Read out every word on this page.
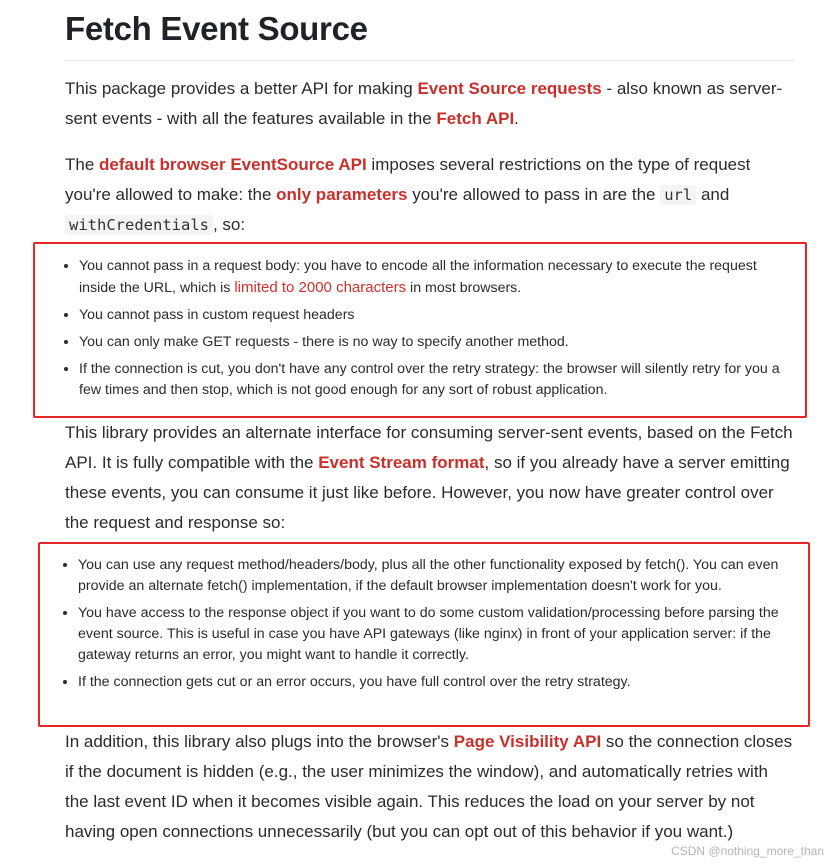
Fetch Event Source
This package provides a better API for making Event Source requests - also known as server-sent events - with all the features available in the Fetch API.
The default browser EventSource API imposes several restrictions on the type of request you're allowed to make: the only parameters you're allowed to pass in are the url and withCredentials , so:
This library provides an alternate interface for consuming server-sent events, based on the Fetch API. It is fully compatible with the Event Stream format, so if you already have a server emitting these events, you can consume it just like before. However, you now have greater control over the request and response so:
In addition, this library also plugs into the browser's Page Visibility API so the connection closes if the document is hidden (e.g., the user minimizes the window), and automatically retries with the last event ID when it becomes visible again. This reduces the load on your server by not having open connections unnecessarily (but you can opt out of this behavior if you want.)
• You cannot pass in a request body: you have to encode all the information necessary to execute the request inside the URL, which is limited to 2000 characters in most browsers.
• You cannot pass in custom request headers
• You can only make GET requests - there is no way to specify another method.
• If the connection is cut, you don't have any control over the retry strategy: the browser will silently retry for you a few times and then stop, which is not good enough for any sort of robust application.
• You can use any request method/headers/body, plus all the other functionality exposed by fetch(). You can even provide an alternate fetch() implementation, if the default browser implementation doesn't work for you.
• You have access to the response object if you want to do some custom validation/processing before parsing the event source. This is useful in case you have API gateways (like nginx) in front of your application server: if the gateway returns an error, you might want to handle it correctly.
• If the connection gets cut or an error occurs, you have full control over the retry strategy.
CSDN @nothing_more_than
